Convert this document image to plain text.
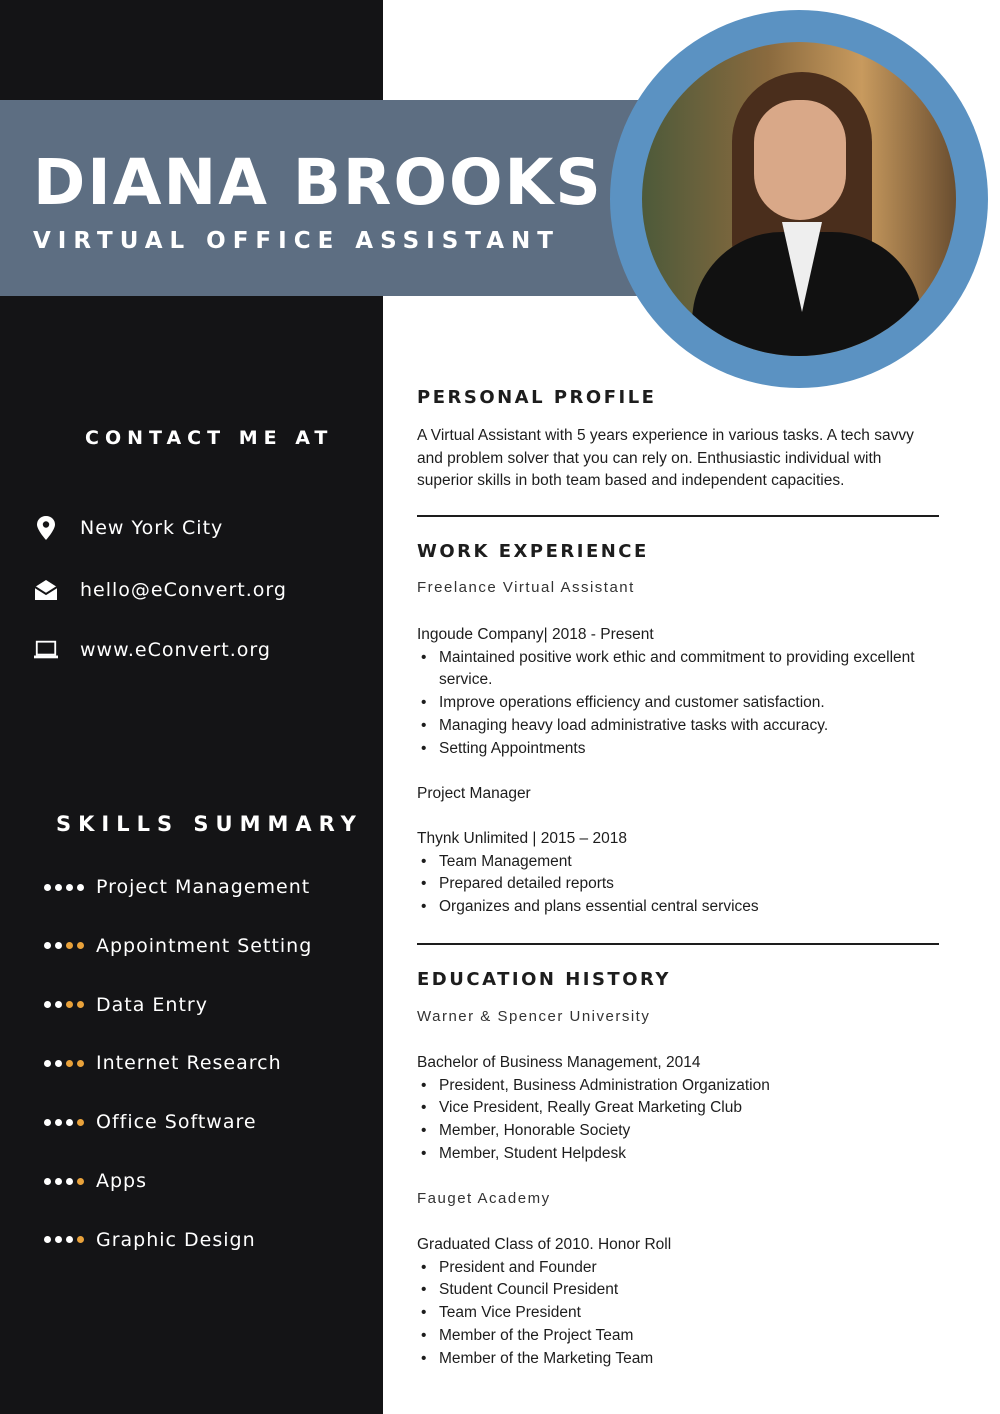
DIANA BROOKS
VIRTUAL OFFICE ASSISTANT
CONTACT ME AT
New York City
hello@eConvert.org
www.eConvert.org
SKILLS SUMMARY
Project Management
Appointment Setting
Data Entry
Internet Research
Office Software
Apps
Graphic Design
PERSONAL PROFILE
A Virtual Assistant with 5 years experience in various tasks. A tech savvy and problem solver that you can rely on. Enthusiastic individual with superior skills in both team based and independent capacities.
WORK EXPERIENCE
Freelance Virtual Assistant
Ingoude Company| 2018 - Present
• Maintained positive work ethic and commitment to providing excellent service.
• Improve operations efficiency and customer satisfaction.
• Managing heavy load administrative tasks with accuracy.
• Setting Appointments
Project Manager
Thynk Unlimited | 2015 – 2018
• Team Management
• Prepared detailed reports
• Organizes and plans essential central services
EDUCATION HISTORY
Warner & Spencer University
Bachelor of Business Management, 2014
• President, Business Administration Organization
• Vice President, Really Great Marketing Club
• Member, Honorable Society
• Member, Student Helpdesk
Fauget Academy
Graduated Class of 2010. Honor Roll
• President and Founder
• Student Council President
• Team Vice President
• Member of the Project Team
• Member of the Marketing Team
